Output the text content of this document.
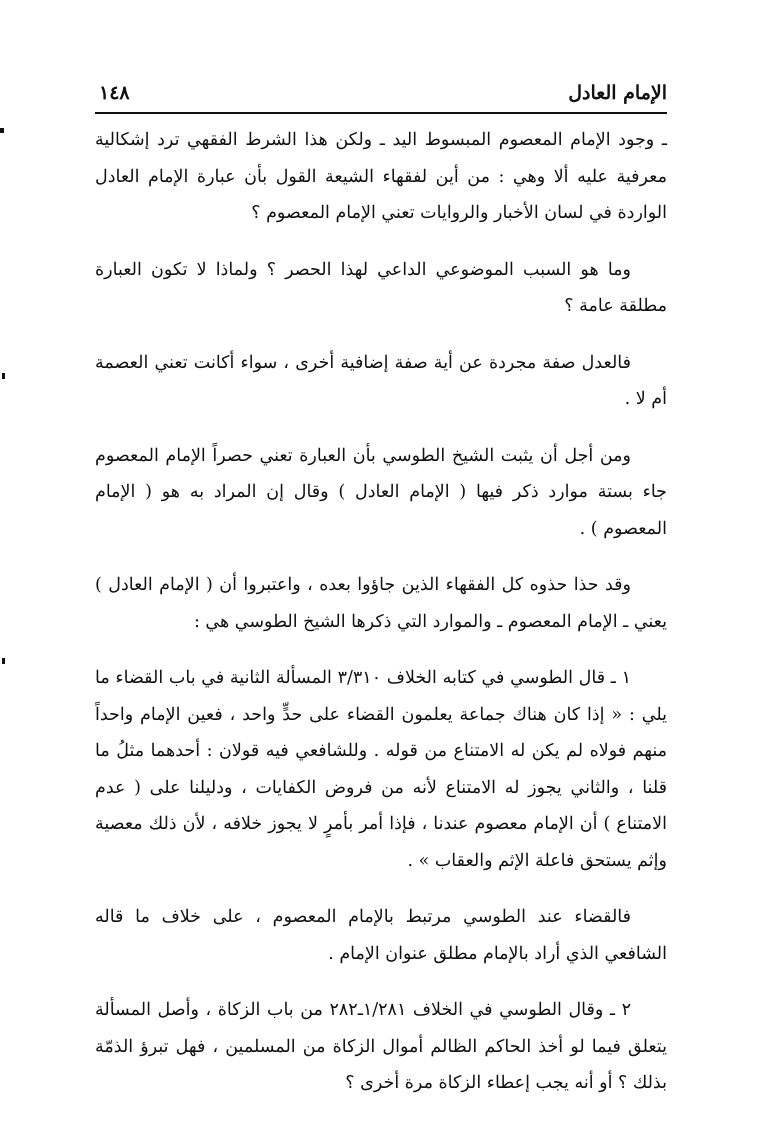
الإمام العادل
١٤٨

ـ وجود الإمام المعصوم المبسوط اليد ـ ولكن هذا الشرط الفقهي ترد إشكالية معرفية عليه ألا وهي : من أين لفقهاء الشيعة القول بأن عبارة الإمام العادل الواردة في لسان الأخبار والروايات تعني الإمام المعصوم ؟

وما هو السبب الموضوعي الداعي لهذا الحصر ؟ ولماذا لا تكون العبارة مطلقة عامة ؟

فالعدل صفة مجردة عن أية صفة إضافية أخرى ، سواء أكانت تعني العصمة أم لا .

ومن أجل أن يثبت الشيخ الطوسي بأن العبارة تعني حصراً الإمام المعصوم جاء بستة موارد ذكر فيها ( الإمام العادل ) وقال إن المراد به هو ( الإمام المعصوم ) .

وقد حذا حذوه كل الفقهاء الذين جاؤوا بعده ، واعتبروا أن ( الإمام العادل ) يعني ـ الإمام المعصوم ـ والموارد التي ذكرها الشيخ الطوسي هي :

١ ـ قال الطوسي في كتابه الخلاف ٣/٣١٠ المسألة الثانية في باب القضاء ما يلي : « إذا كان هناك جماعة يعلمون القضاء على حدٍّ واحد ، فعين الإمام واحداً منهم فولاه لم يكن له الامتناع من قوله . وللشافعي فيه قولان : أحدهما مثلُ ما قلنا ، والثاني يجوز له الامتناع لأنه من فروض الكفايات ، ودليلنا على ( عدم الامتناع ) أن الإمام معصوم عندنا ، فإذا أمر بأمرٍ لا يجوز خلافه ، لأن ذلك معصية وإثم يستحق فاعلة الإثم والعقاب » .

فالقضاء عند الطوسي مرتبط بالإمام المعصوم ، على خلاف ما قاله الشافعي الذي أراد بالإمام مطلق عنوان الإمام .

٢ ـ وقال الطوسي في الخلاف ١/٢٨١ـ٢٨٢ من باب الزكاة ، وأصل المسألة يتعلق فيما لو أخذ الحاكم الظالم أموال الزكاة من المسلمين ، فهل تبرؤ الذمّة بذلك ؟ أو أنه يجب إعطاء الزكاة مرة أخرى ؟
